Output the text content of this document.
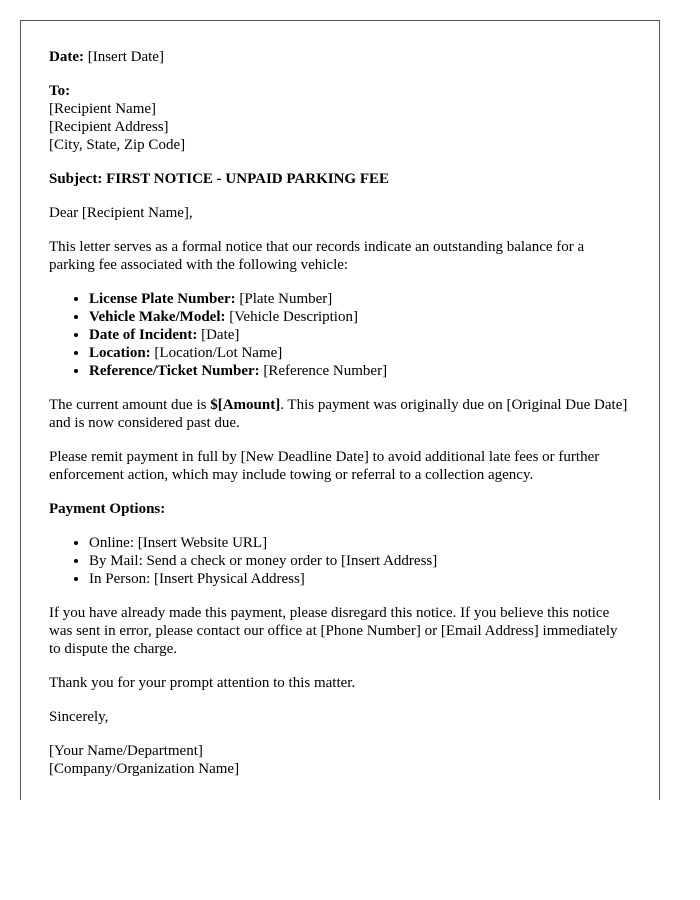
Date: [Insert Date]
To:
[Recipient Name]
[Recipient Address]
[City, State, Zip Code]
Subject: FIRST NOTICE - UNPAID PARKING FEE
Dear [Recipient Name],
This letter serves as a formal notice that our records indicate an outstanding balance for a parking fee associated with the following vehicle:
• License Plate Number: [Plate Number]
• Vehicle Make/Model: [Vehicle Description]
• Date of Incident: [Date]
• Location: [Location/Lot Name]
• Reference/Ticket Number: [Reference Number]
The current amount due is $[Amount]. This payment was originally due on [Original Due Date] and is now considered past due.
Please remit payment in full by [New Deadline Date] to avoid additional late fees or further enforcement action, which may include towing or referral to a collection agency.
Payment Options:
• Online: [Insert Website URL]
• By Mail: Send a check or money order to [Insert Address]
• In Person: [Insert Physical Address]
If you have already made this payment, please disregard this notice. If you believe this notice was sent in error, please contact our office at [Phone Number] or [Email Address] immediately to dispute the charge.
Thank you for your prompt attention to this matter.
Sincerely,
[Your Name/Department]
[Company/Organization Name]
